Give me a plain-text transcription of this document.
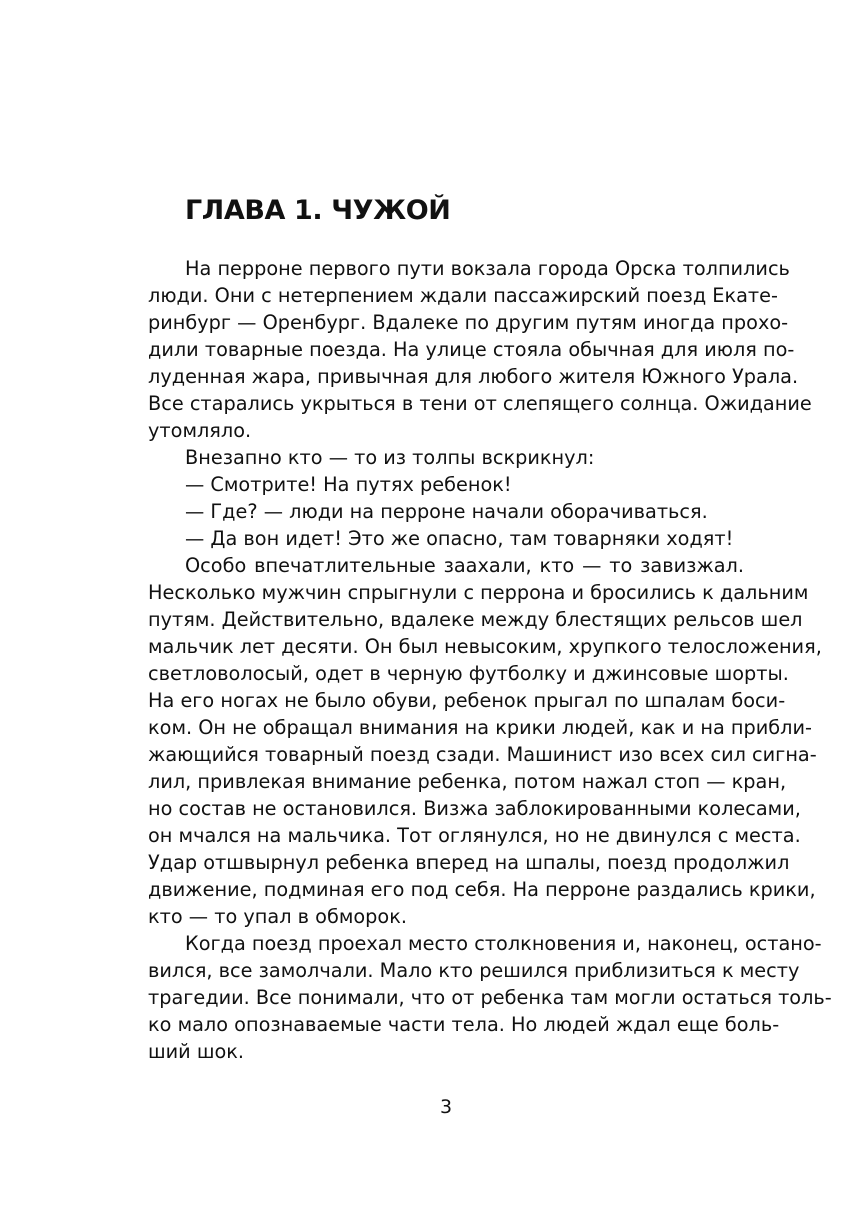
ГЛАВА 1. ЧУЖОЙ
На перроне первого пути вокзала города Орска толпились
люди. Они с нетерпением ждали пассажирский поезд Екате-
ринбург — Оренбург. Вдалеке по другим путям иногда прохо-
дили товарные поезда. На улице стояла обычная для июля по-
луденная жара, привычная для любого жителя Южного Урала.
Все старались укрыться в тени от слепящего солнца. Ожидание
утомляло.
Внезапно кто — то из толпы вскрикнул:
— Смотрите! На путях ребенок!
— Где? — люди на перроне начали оборачиваться.
— Да вон идет! Это же опасно, там товарняки ходят!
Особо впечатлительные заахали, кто — то завизжал.
Несколько мужчин спрыгнули с перрона и бросились к дальним
путям. Действительно, вдалеке между блестящих рельсов шел
мальчик лет десяти. Он был невысоким, хрупкого телосложения,
светловолосый, одет в черную футболку и джинсовые шорты.
На его ногах не было обуви, ребенок прыгал по шпалам боси-
ком. Он не обращал внимания на крики людей, как и на прибли-
жающийся товарный поезд сзади. Машинист изо всех сил сигна-
лил, привлекая внимание ребенка, потом нажал стоп — кран,
но состав не остановился. Визжа заблокированными колесами,
он мчался на мальчика. Тот оглянулся, но не двинулся с места.
Удар отшвырнул ребенка вперед на шпалы, поезд продолжил
движение, подминая его под себя. На перроне раздались крики,
кто — то упал в обморок.
Когда поезд проехал место столкновения и, наконец, остано-
вился, все замолчали. Мало кто решился приблизиться к месту
трагедии. Все понимали, что от ребенка там могли остаться толь-
ко мало опознаваемые части тела. Но людей ждал еще боль-
ший шок.
3
